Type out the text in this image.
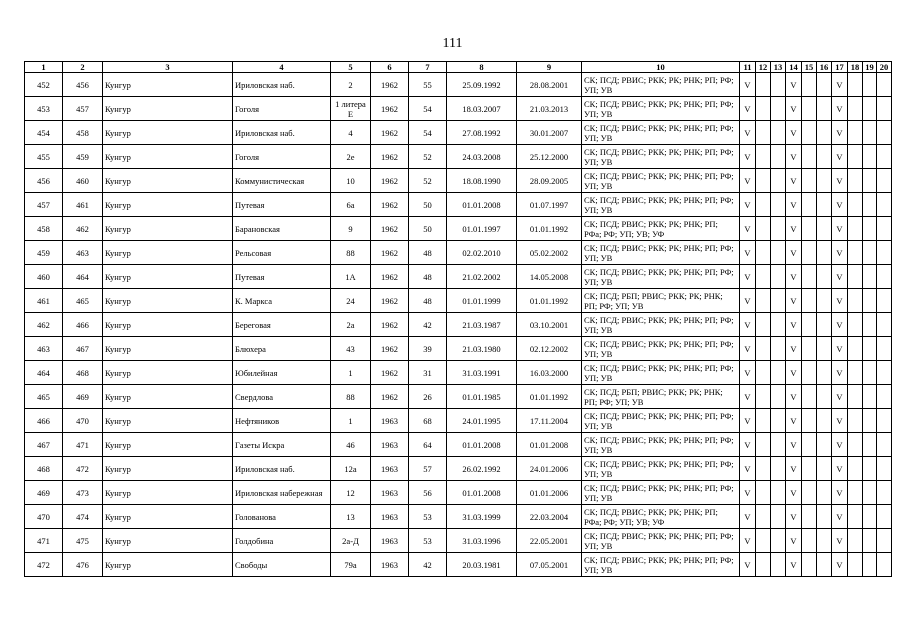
111
1	2	3	4	5	6	7	8	9	10	11	12	13	14	15	16	17	18	19	20
452	456	Кунгур	Ириловская наб.	2	1962	55	25.09.1992	28.08.2001	СК; ПСД; РВИС; РКК; РК; РНК; РП; РФ; УП; УВ	V			V			V			
453	457	Кунгур	Гоголя	1 литера Е	1962	54	18.03.2007	21.03.2013	СК; ПСД; РВИС; РКК; РК; РНК; РП; РФ; УП; УВ	V			V			V			
454	458	Кунгур	Ириловская наб.	4	1962	54	27.08.1992	30.01.2007	СК; ПСД; РВИС; РКК; РК; РНК; РП; РФ; УП; УВ	V			V			V			
455	459	Кунгур	Гоголя	2е	1962	52	24.03.2008	25.12.2000	СК; ПСД; РВИС; РКК; РК; РНК; РП; РФ; УП; УВ	V			V			V			
456	460	Кунгур	Коммунистическая	10	1962	52	18.08.1990	28.09.2005	СК; ПСД; РВИС; РКК; РК; РНК; РП; РФ; УП; УВ	V			V			V			
457	461	Кунгур	Путевая	6а	1962	50	01.01.2008	01.07.1997	СК; ПСД; РВИС; РКК; РК; РНК; РП; РФ; УП; УВ	V			V			V			
458	462	Кунгур	Барановская	9	1962	50	01.01.1997	01.01.1992	СК; ПСД; РВИС; РКК; РК; РНК; РП; РФа; РФ; УП; УВ; УФ	V			V			V			
459	463	Кунгур	Рельсовая	88	1962	48	02.02.2010	05.02.2002	СК; ПСД; РВИС; РКК; РК; РНК; РП; РФ; УП; УВ	V			V			V			
460	464	Кунгур	Путевая	1А	1962	48	21.02.2002	14.05.2008	СК; ПСД; РВИС; РКК; РК; РНК; РП; РФ; УП; УВ	V			V			V			
461	465	Кунгур	К. Маркса	24	1962	48	01.01.1999	01.01.1992	СК; ПСД; РБП; РВИС; РКК; РК; РНК; РП; РФ; УП; УВ	V			V			V			
462	466	Кунгур	Береговая	2а	1962	42	21.03.1987	03.10.2001	СК; ПСД; РВИС; РКК; РК; РНК; РП; РФ; УП; УВ	V			V			V			
463	467	Кунгур	Блюхера	43	1962	39	21.03.1980	02.12.2002	СК; ПСД; РВИС; РКК; РК; РНК; РП; РФ; УП; УВ	V			V			V			
464	468	Кунгур	Юбилейная	1	1962	31	31.03.1991	16.03.2000	СК; ПСД; РВИС; РКК; РК; РНК; РП; РФ; УП; УВ	V			V			V			
465	469	Кунгур	Свердлова	88	1962	26	01.01.1985	01.01.1992	СК; ПСД; РБП; РВИС; РКК; РК; РНК; РП; РФ; УП; УВ	V			V			V			
466	470	Кунгур	Нефтяников	1	1963	68	24.01.1995	17.11.2004	СК; ПСД; РВИС; РКК; РК; РНК; РП; РФ; УП; УВ	V			V			V			
467	471	Кунгур	Газеты Искра	46	1963	64	01.01.2008	01.01.2008	СК; ПСД; РВИС; РКК; РК; РНК; РП; РФ; УП; УВ	V			V			V			
468	472	Кунгур	Ириловская наб.	12а	1963	57	26.02.1992	24.01.2006	СК; ПСД; РВИС; РКК; РК; РНК; РП; РФ; УП; УВ	V			V			V			
469	473	Кунгур	Ириловская набережная	12	1963	56	01.01.2008	01.01.2006	СК; ПСД; РВИС; РКК; РК; РНК; РП; РФ; УП; УВ	V			V			V			
470	474	Кунгур	Голованова	13	1963	53	31.03.1999	22.03.2004	СК; ПСД; РВИС; РКК; РК; РНК; РП; РФа; РФ; УП; УВ; УФ	V			V			V			
471	475	Кунгур	Голдобина	2а-Д	1963	53	31.03.1996	22.05.2001	СК; ПСД; РВИС; РКК; РК; РНК; РП; РФ; УП; УВ	V			V			V			
472	476	Кунгур	Свободы	79а	1963	42	20.03.1981	07.05.2001	СК; ПСД; РВИС; РКК; РК; РНК; РП; РФ; УП; УВ	V			V			V			
